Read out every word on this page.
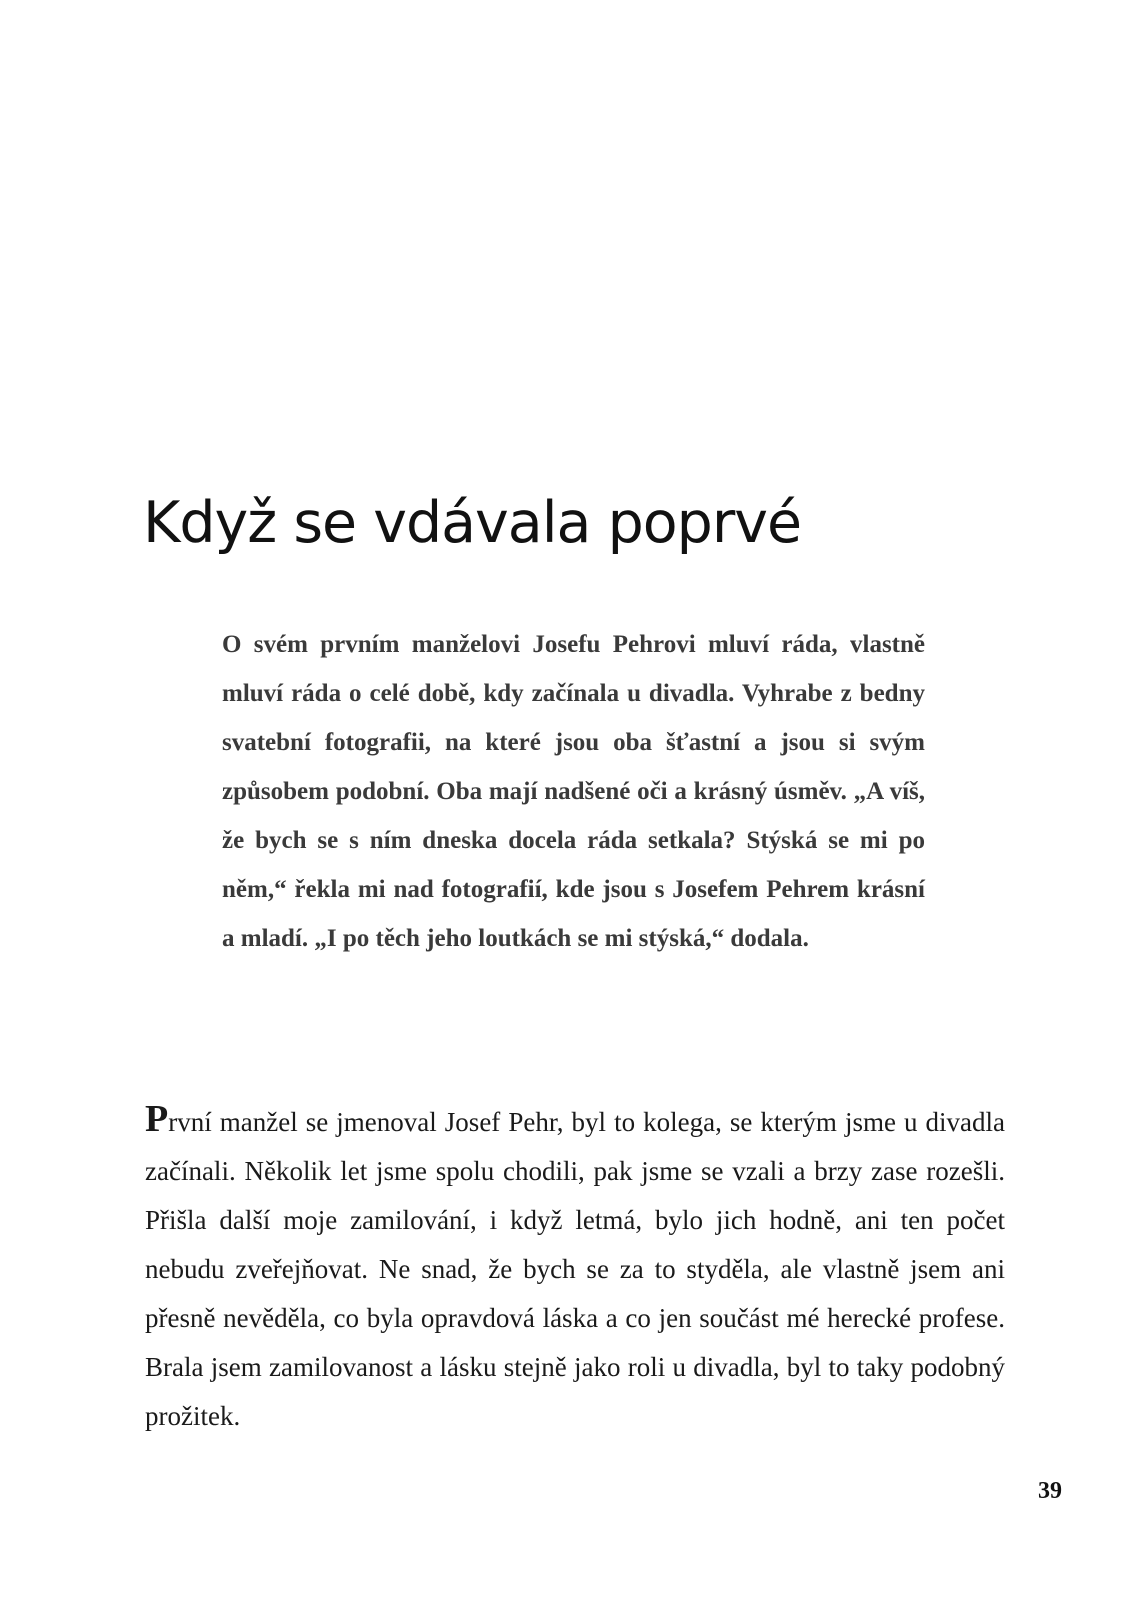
Když se vdávala poprvé

O svém prvním manželovi Josefu Pehrovi mluví ráda, vlastně mluví ráda o celé době, kdy začínala u divadla. Vyhrabe z bedny svatební fotografii, na které jsou oba šťastní a jsou si svým způsobem podobní. Oba mají nadšené oči a krásný úsměv. „A víš, že bych se s ním dneska docela ráda setkala? Stýská se mi po něm,“ řekla mi nad fotografií, kde jsou s Josefem Pehrem krásní a mladí. „I po těch jeho loutkách se mi stýská,“ dodala.

První manžel se jmenoval Josef Pehr, byl to kolega, se kterým jsme u divadla začínali. Několik let jsme spolu chodili, pak jsme se vzali a brzy zase rozešli. Přišla další moje zamilování, i když letmá, bylo jich hodně, ani ten počet nebudu zveřejňovat. Ne snad, že bych se za to styděla, ale vlastně jsem ani přesně nevěděla, co byla opravdová láska a co jen součást mé herecké profese. Brala jsem zamilovanost a lásku stejně jako roli u divadla, byl to taky podobný prožitek.

39
